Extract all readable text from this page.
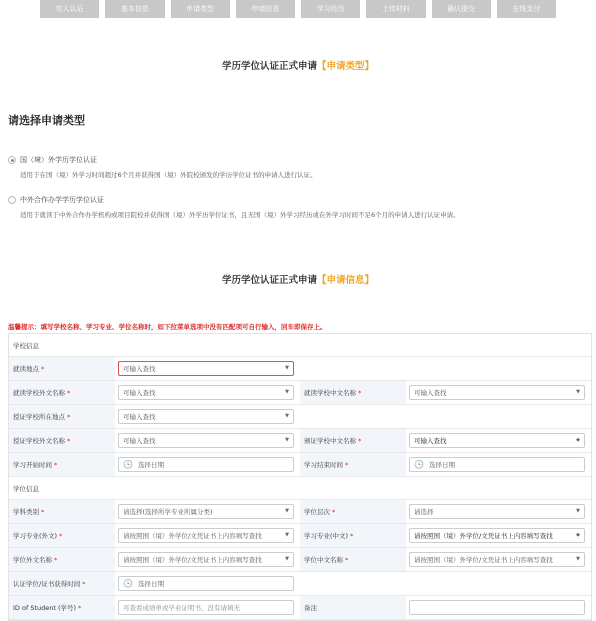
实人认证	基本信息	申请类型	申请信息	学习经历	上传材料	确认提交	在线支付
学历学位认证正式申请【申请类型】
请选择申请类型
国（境）外学历学位认证
适用于在国（境）外学习时间超过6个月并获得国（境）外院校颁发的学历学位证书的申请人进行认证。
中外合作办学学历学位认证
适用于就读于中外合作办学机构或项目院校并获得国（境）外学历学位证书，且无国（境）外学习经历或在外学习时间不足6个月的申请人进行认证申请。
学历学位认证正式申请【申请信息】
温馨提示：填写学校名称、学习专业、学位名称时，如下拉菜单选项中没有匹配项可自行输入，回车即保存上。
学校信息
就读地点 *	可输入查找	▼
就读学校外文名称 *	可输入查找	▼ 就读学校中文名称 *	可输入查找	▼
授证学校所在地点 *	可输入查找	▼
授证学校外文名称 *	可输入查找	▼ 颁证学校中文名称 *	可输入查找	◆
学习开始时间 *	🕓 选择日期	学习结束时间 *	🕓 选择日期
学位信息
学科类别 *	请选择(选择所学专业所属分类)	▼ 学位层次 *	请选择	▼
学习专业(外文) *	请按照国（境）外学位/文凭证书上内容填写查找	▼ 学习专业(中文) *	请按照国（境）外学位/文凭证书上内容填写查找	◆
学位外文名称 *	请按照国（境）外学位/文凭证书上内容填写查找	▼ 学位中文名称 *	请按照国（境）外学位/文凭证书上内容填写查找	▼
认证学位/证书获得时间 *	🕓 选择日期
ID of Student (学号) *	可查看成绩单或毕业证明书，没有请填无	备注
